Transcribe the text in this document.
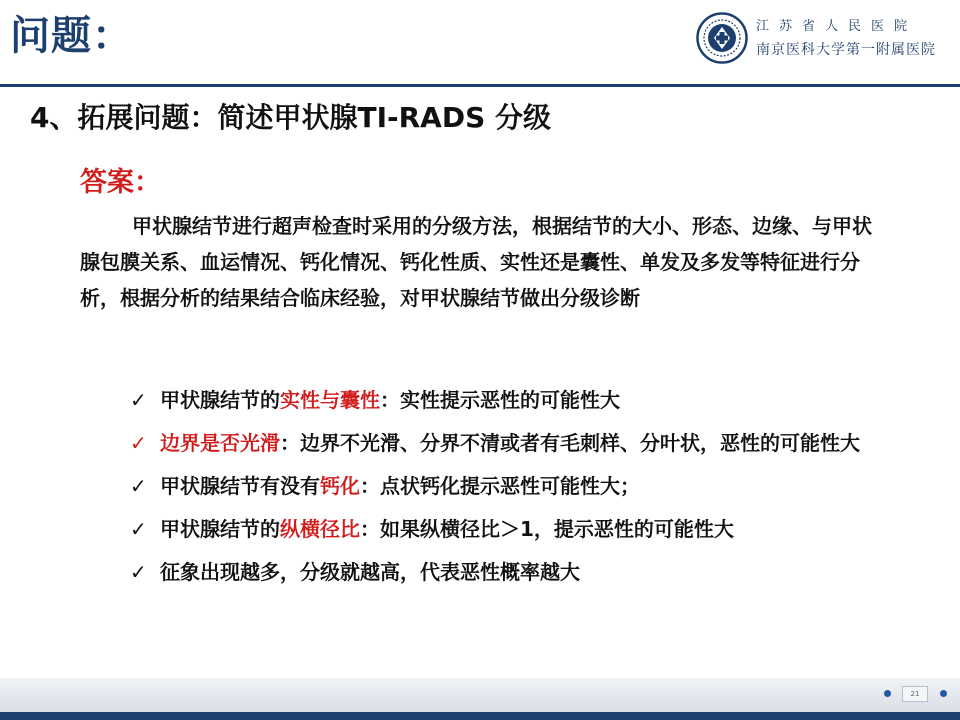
问题：	江苏省人民医院
南京医科大学第一附属医院
4、拓展问题：简述甲状腺TI-RADS 分级
答案：
甲状腺结节进行超声检查时采用的分级方法，根据结节的大小、形态、边缘、与甲状腺包膜关系、血运情况、钙化情况、钙化性质、实性还是囊性、单发及多发等特征进行分析，根据分析的结果结合临床经验，对甲状腺结节做出分级诊断
✓ 甲状腺结节的实性与囊性：实性提示恶性的可能性大
✓ 边界是否光滑：边界不光滑、分界不清或者有毛刺样、分叶状，恶性的可能性大
✓ 甲状腺结节有没有钙化：点状钙化提示恶性可能性大；
✓ 甲状腺结节的纵横径比：如果纵横径比＞1，提示恶性的可能性大
✓ 征象出现越多，分级就越高，代表恶性概率越大
21
